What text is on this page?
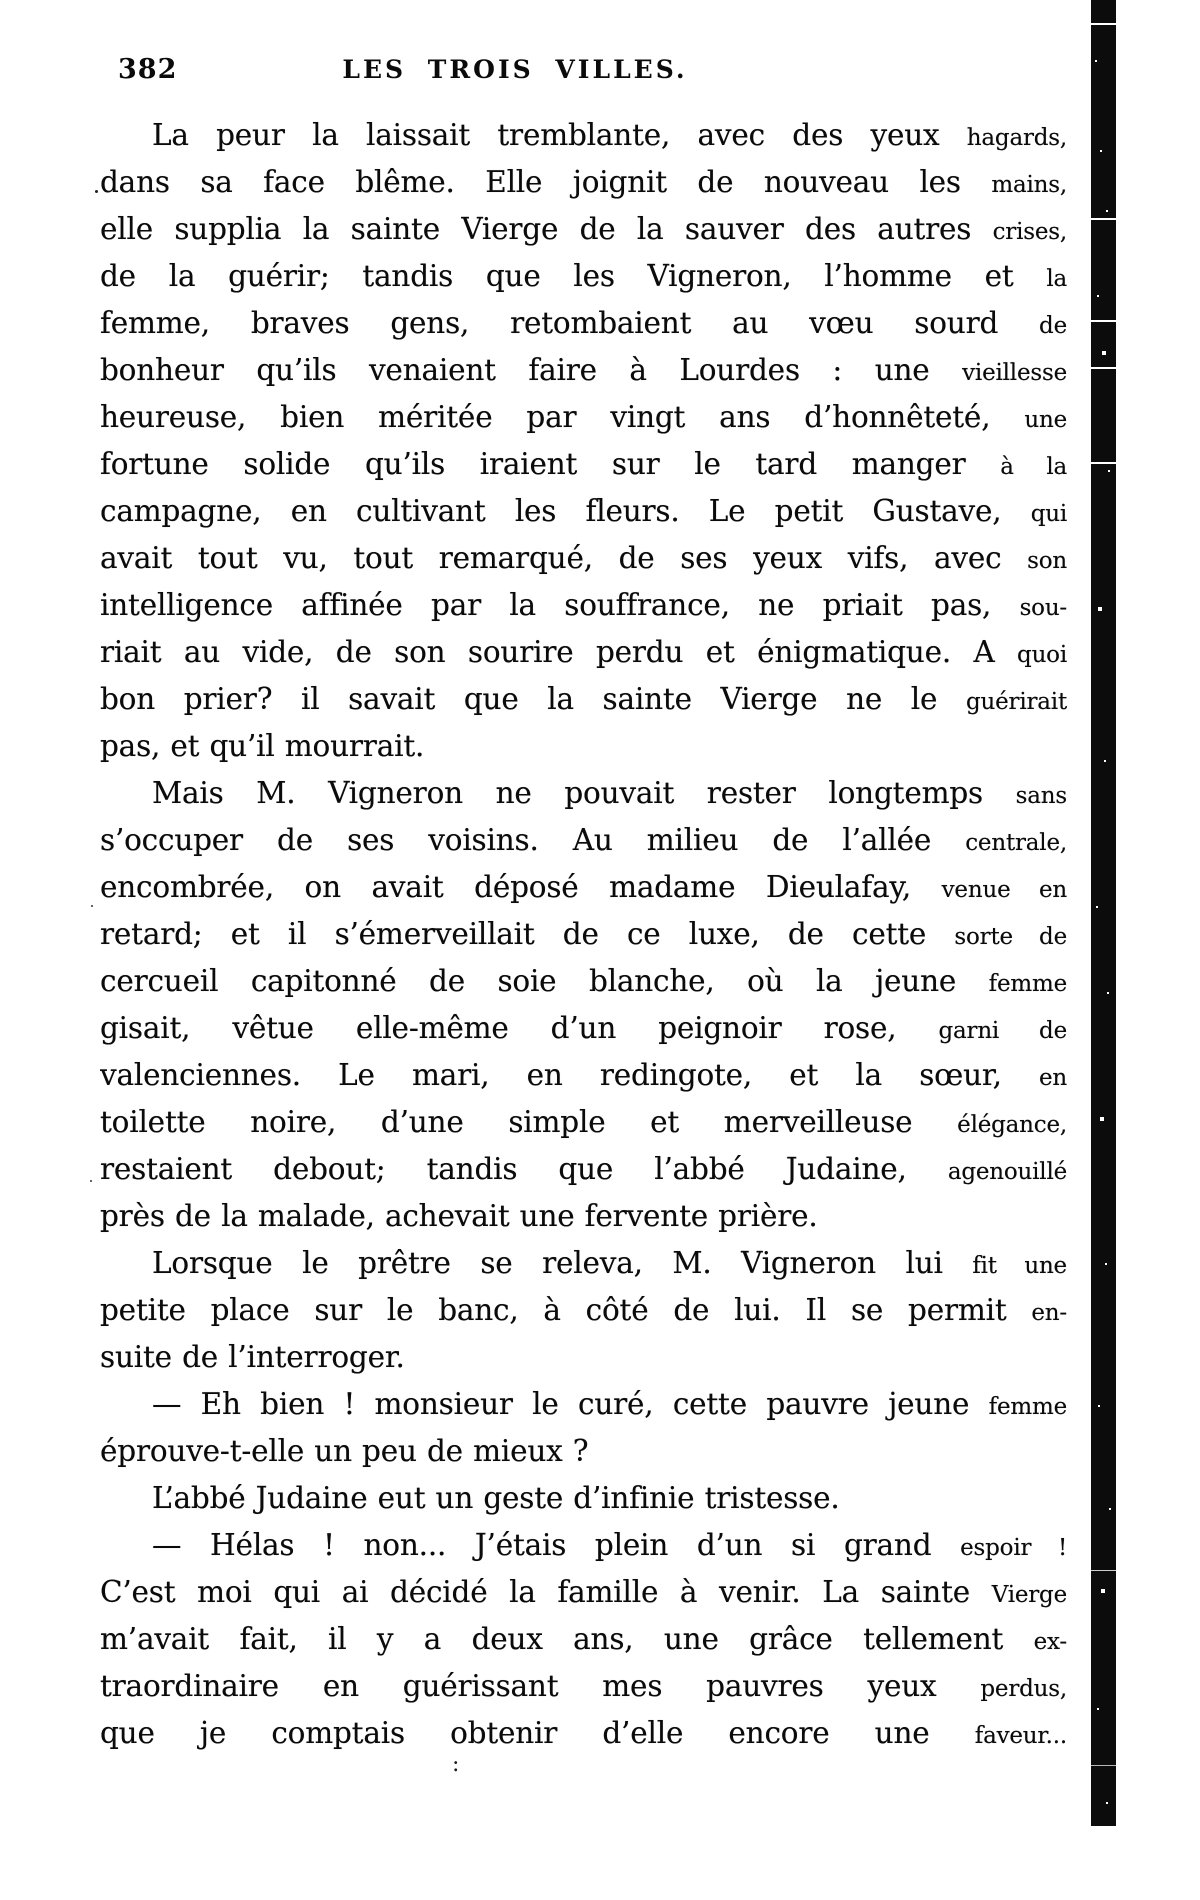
382	LES TROIS VILLES.
La peur la laissait tremblante, avec des yeux hagards,
dans sa face blême. Elle joignit de nouveau les mains,
elle supplia la sainte Vierge de la sauver des autres crises,
de la guérir; tandis que les Vigneron, l’homme et la
femme, braves gens, retombaient au vœu sourd de
bonheur qu’ils venaient faire à Lourdes : une vieillesse
heureuse, bien méritée par vingt ans d’honnêteté, une
fortune solide qu’ils iraient sur le tard manger à la
campagne, en cultivant les fleurs. Le petit Gustave, qui
avait tout vu, tout remarqué, de ses yeux vifs, avec son
intelligence affinée par la souffrance, ne priait pas, sou-
riait au vide, de son sourire perdu et énigmatique. A quoi
bon prier? il savait que la sainte Vierge ne le guérirait
pas, et qu’il mourrait.
Mais M. Vigneron ne pouvait rester longtemps sans
s’occuper de ses voisins. Au milieu de l’allée centrale,
encombrée, on avait déposé madame Dieulafay, venue en
retard; et il s’émerveillait de ce luxe, de cette sorte de
cercueil capitonné de soie blanche, où la jeune femme
gisait, vêtue elle-même d’un peignoir rose, garni de
valenciennes. Le mari, en redingote, et la sœur, en
toilette noire, d’une simple et merveilleuse élégance,
restaient debout; tandis que l’abbé Judaine, agenouillé
près de la malade, achevait une fervente prière.
Lorsque le prêtre se releva, M. Vigneron lui fit une
petite place sur le banc, à côté de lui. Il se permit en-
suite de l’interroger.
— Eh bien ! monsieur le curé, cette pauvre jeune femme
éprouve-t-elle un peu de mieux ?
L’abbé Judaine eut un geste d’infinie tristesse.
— Hélas ! non... J’étais plein d’un si grand espoir !
C’est moi qui ai décidé la famille à venir. La sainte Vierge
m’avait fait, il y a deux ans, une grâce tellement ex-
traordinaire en guérissant mes pauvres yeux perdus,
que je comptais obtenir d’elle encore une faveur...
:
